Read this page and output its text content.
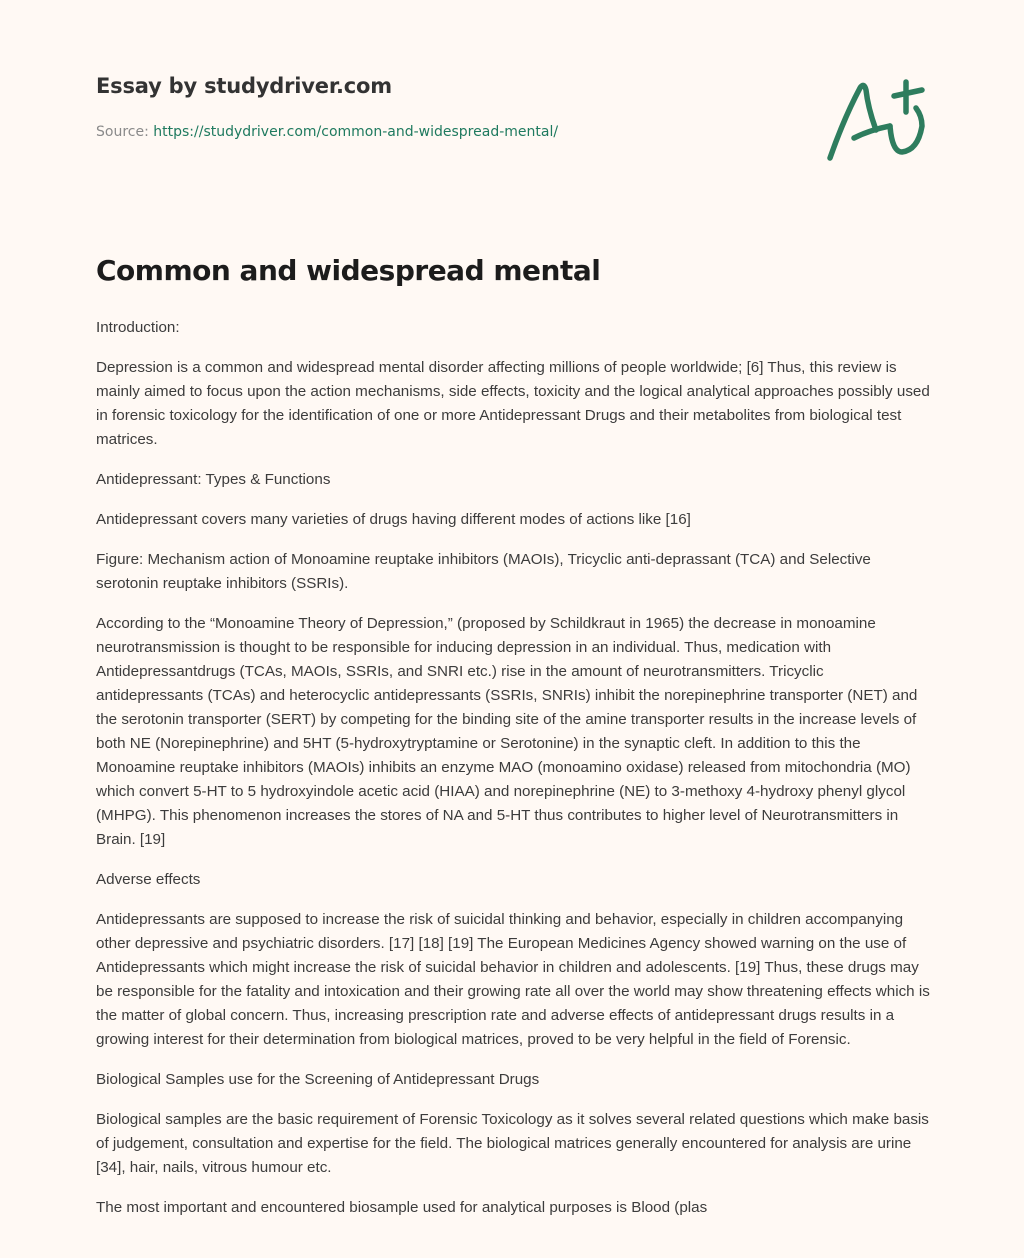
Essay by studydriver.com
Source: https://studydriver.com/common-and-widespread-mental/
Common and widespread mental

Introduction:

Depression is a common and widespread mental disorder affecting millions of people worldwide; [6] Thus, this review is mainly aimed to focus upon the action mechanisms, side effects, toxicity and the logical analytical approaches possibly used in forensic toxicology for the identification of one or more Antidepressant Drugs and their metabolites from biological test matrices.

Antidepressant: Types & Functions

Antidepressant covers many varieties of drugs having different modes of actions like [16]

Figure: Mechanism action of Monoamine reuptake inhibitors (MAOIs), Tricyclic anti-deprassant (TCA) and Selective serotonin reuptake inhibitors (SSRIs).

According to the “Monoamine Theory of Depression,” (proposed by Schildkraut in 1965) the decrease in monoamine neurotransmission is thought to be responsible for inducing depression in an individual. Thus, medication with Antidepressantdrugs (TCAs, MAOIs, SSRIs, and SNRI etc.) rise in the amount of neurotransmitters. Tricyclic antidepressants (TCAs) and heterocyclic antidepressants (SSRIs, SNRIs) inhibit the norepinephrine transporter (NET) and the serotonin transporter (SERT) by competing for the binding site of the amine transporter results in the increase levels of both NE (Norepinephrine) and 5HT (5-hydroxytryptamine or Serotonine) in the synaptic cleft. In addition to this the Monoamine reuptake inhibitors (MAOIs) inhibits an enzyme MAO (monoamino oxidase) released from mitochondria (MO) which convert 5-HT to 5 hydroxyindole acetic acid (HIAA) and norepinephrine (NE) to 3-methoxy 4-hydroxy phenyl glycol (MHPG). This phenomenon increases the stores of NA and 5-HT thus contributes to higher level of Neurotransmitters in Brain. [19]

Adverse effects

Antidepressants are supposed to increase the risk of suicidal thinking and behavior, especially in children accompanying other depressive and psychiatric disorders. [17] [18] [19] The European Medicines Agency showed warning on the use of Antidepressants which might increase the risk of suicidal behavior in children and adolescents. [19] Thus, these drugs may be responsible for the fatality and intoxication and their growing rate all over the world may show threatening effects which is the matter of global concern. Thus, increasing prescription rate and adverse effects of antidepressant drugs results in a growing interest for their determination from biological matrices, proved to be very helpful in the field of Forensic.

Biological Samples use for the Screening of Antidepressant Drugs

Biological samples are the basic requirement of Forensic Toxicology as it solves several related questions which make basis of judgement, consultation and expertise for the field. The biological matrices generally encountered for analysis are urine [34], hair, nails, vitrous humour etc.

The most important and encountered biosample used for analytical purposes is Blood (plas
